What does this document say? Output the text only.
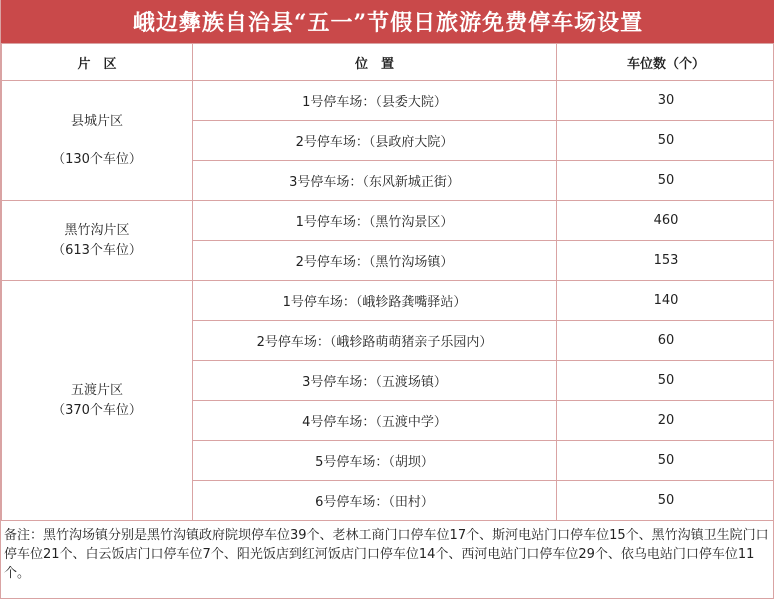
峨边彝族自治县“五一”节假日旅游免费停车场设置
片　区	位　置	车位数（个）

县城片区
（130个车位）	1号停车场：（县委大院）	30
	2号停车场：（县政府大院）	50
	3号停车场：（东风新城正街）	50

黑竹沟片区
（613个车位）	1号停车场：（黑竹沟景区）	460
	2号停车场：（黑竹沟场镇）	153

五渡片区
（370个车位）	1号停车场：（峨轸路龚嘴驿站）	140
	2号停车场：（峨轸路萌萌猪亲子乐园内）	60
	3号停车场：（五渡场镇）	50
	4号停车场：（五渡中学）	20
	5号停车场：（胡坝）	50
	6号停车场：（田村）	50
备注：黑竹沟场镇分别是黑竹沟镇政府院坝停车位39个、老林工商门口停车位17个、斯河电站门口停车位15个、黑竹沟镇卫生院门口停车位21个、白云饭店门口停车位7个、阳光饭店到红河饭店门口停车位14个、西河电站门口停车位29个、依乌电站门口停车位11个。
